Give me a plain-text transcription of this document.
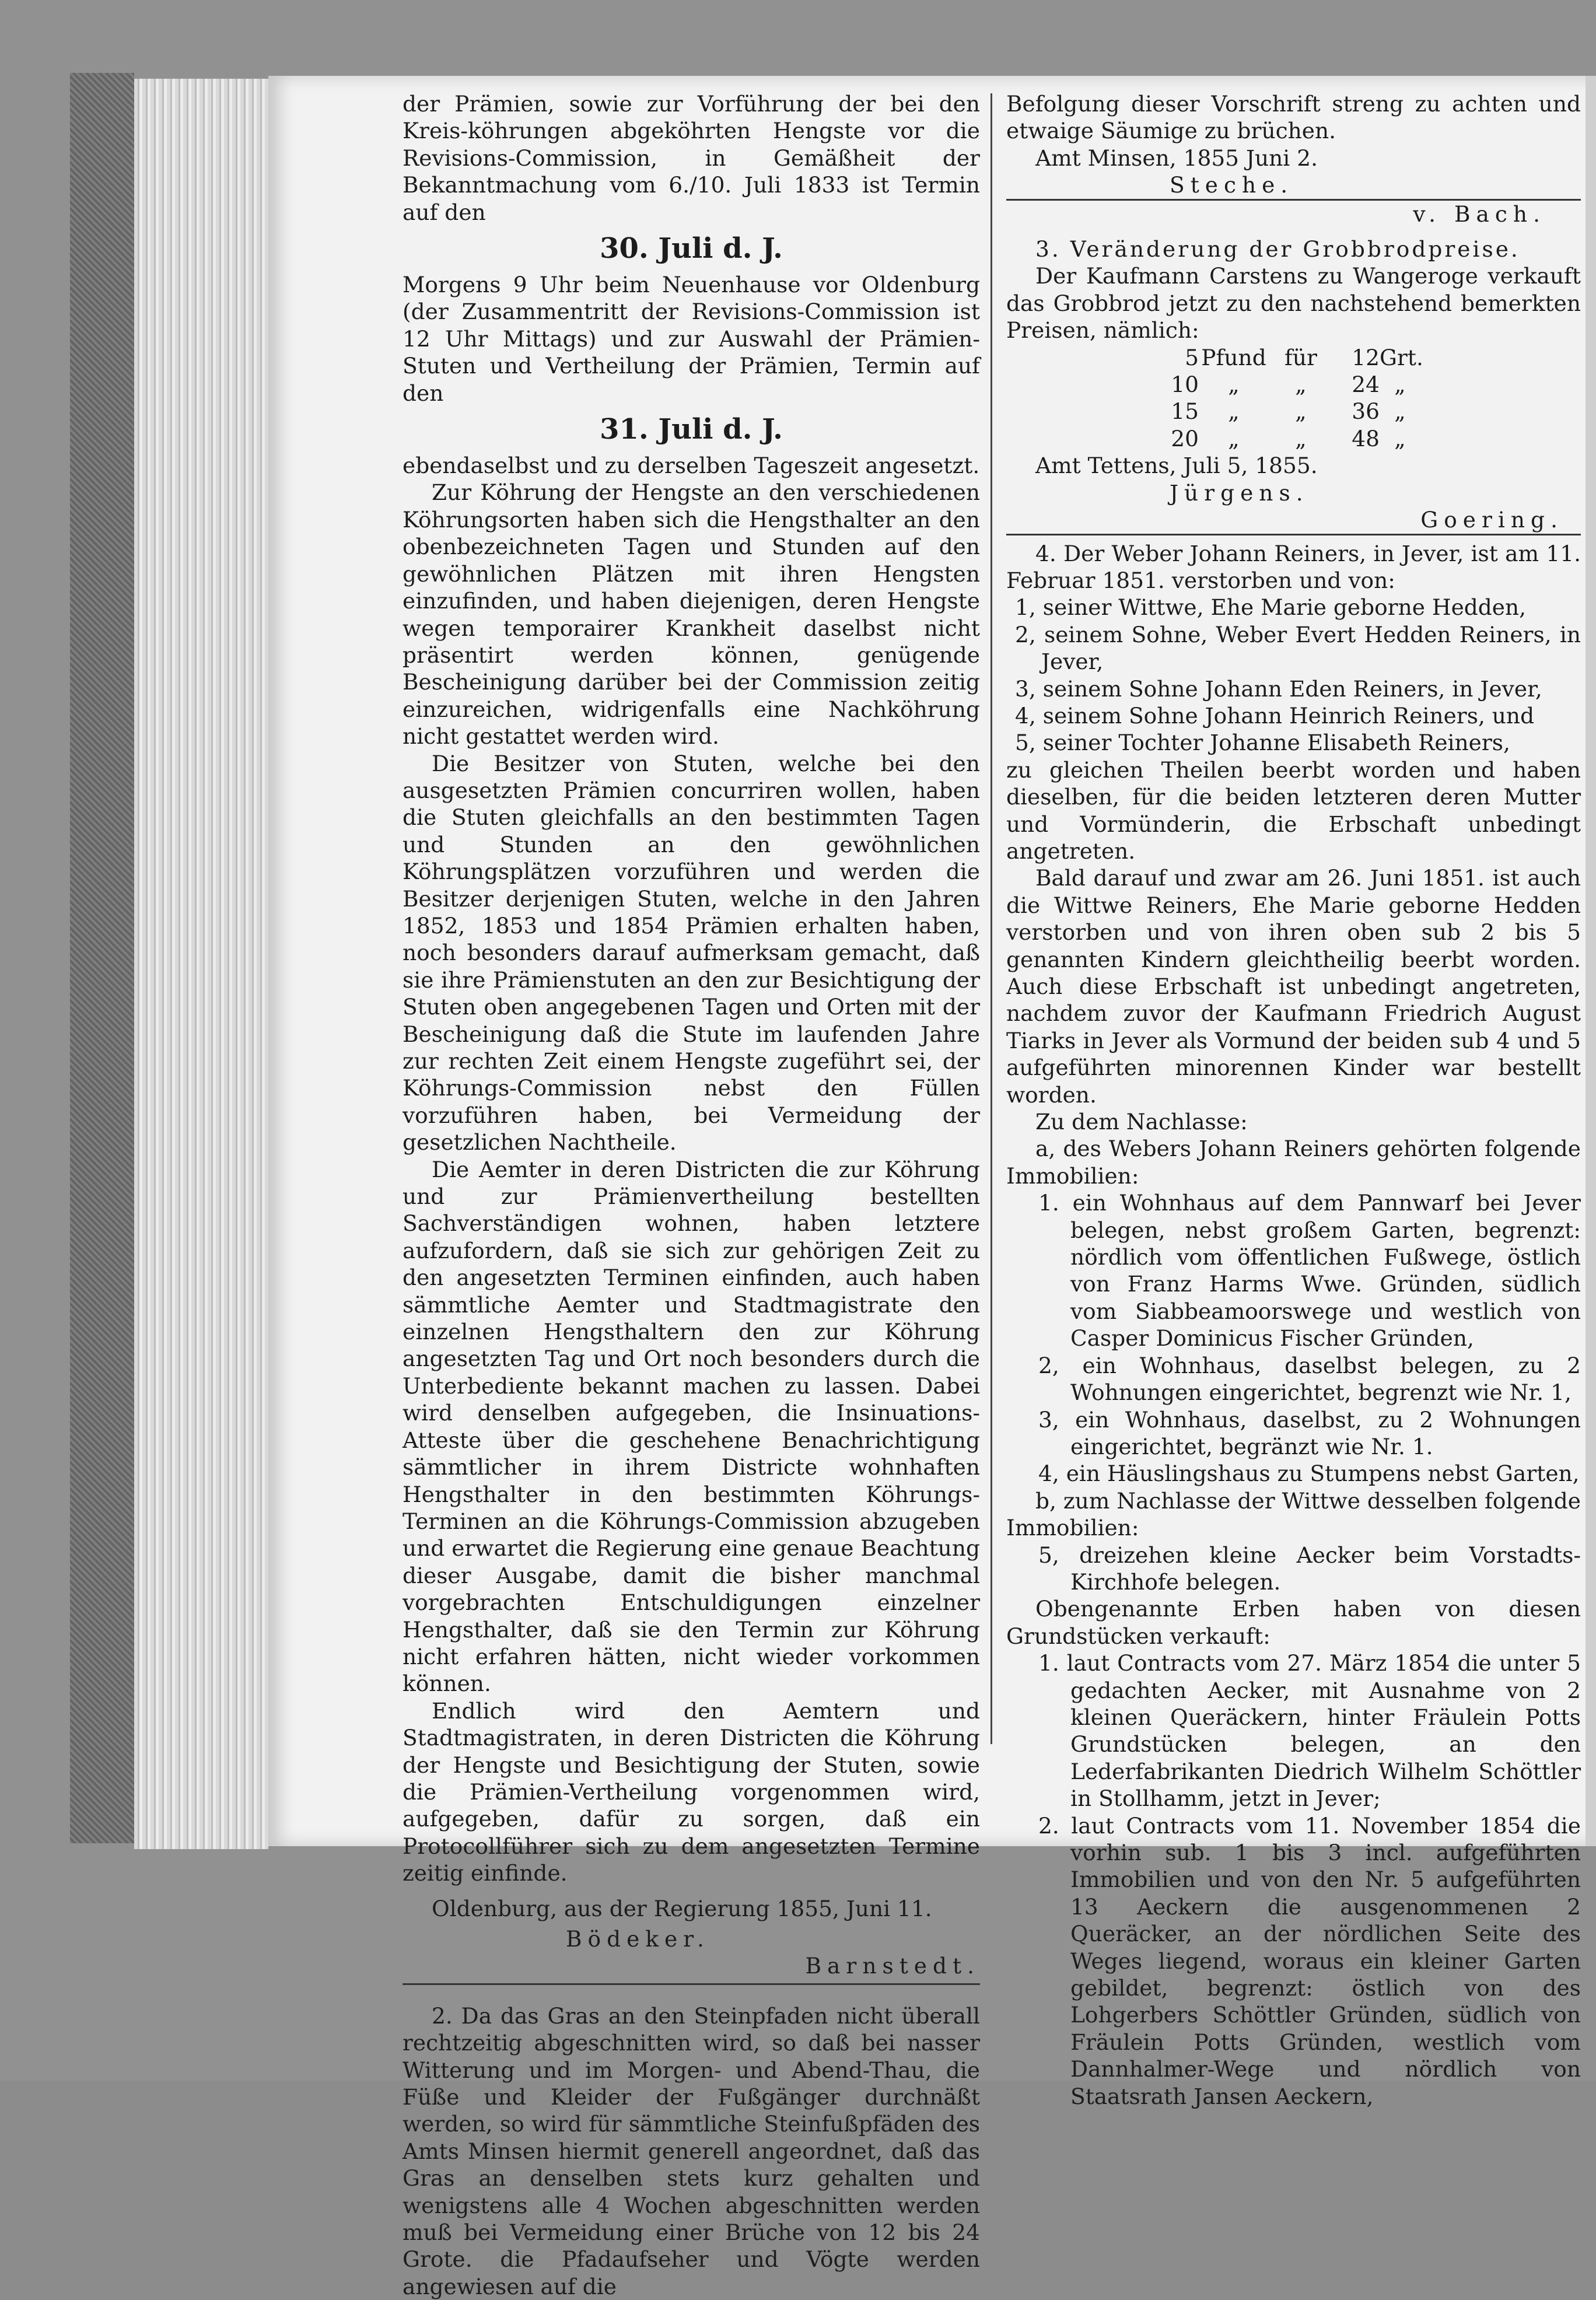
der Prämien, sowie zur Vorführung der bei den Kreis-köhrungen abgeköhrten Hengste vor die Revisions-Commission, in Gemäßheit der Bekanntmachung vom 6./10. Juli 1833 ist Termin auf den

30. Juli d. J.

Morgens 9 Uhr beim Neuenhause vor Oldenburg (der Zusammentritt der Revisions-Commission ist 12 Uhr Mittags) und zur Auswahl der Prämien-Stuten und Vertheilung der Prämien, Termin auf den

31. Juli d. J.

ebendaselbst und zu derselben Tageszeit angesetzt.

Zur Köhrung der Hengste an den verschiedenen Köhrungsorten haben sich die Hengsthalter an den obenbezeichneten Tagen und Stunden auf den gewöhnlichen Plätzen mit ihren Hengsten einzufinden, und haben diejenigen, deren Hengste wegen temporairer Krankheit daselbst nicht präsentirt werden können, genügende Bescheinigung darüber bei der Commission zeitig einzureichen, widrigenfalls eine Nachköhrung nicht gestattet werden wird.

Die Besitzer von Stuten, welche bei den ausgesetzten Prämien concurriren wollen, haben die Stuten gleichfalls an den bestimmten Tagen und Stunden an den gewöhnlichen Köhrungsplätzen vorzuführen und werden die Besitzer derjenigen Stuten, welche in den Jahren 1852, 1853 und 1854 Prämien erhalten haben, noch besonders darauf aufmerksam gemacht, daß sie ihre Prämienstuten an den zur Besichtigung der Stuten oben angegebenen Tagen und Orten mit der Bescheinigung daß die Stute im laufenden Jahre zur rechten Zeit einem Hengste zugeführt sei, der Köhrungs-Commission nebst den Füllen vorzuführen haben, bei Vermeidung der gesetzlichen Nachtheile.

Die Aemter in deren Districten die zur Köhrung und zur Prämienvertheilung bestellten Sachverständigen wohnen, haben letztere aufzufordern, daß sie sich zur gehörigen Zeit zu den angesetzten Terminen einfinden, auch haben sämmtliche Aemter und Stadtmagistrate den einzelnen Hengsthaltern den zur Köhrung angesetzten Tag und Ort noch besonders durch die Unterbediente bekannt machen zu lassen. Dabei wird denselben aufgegeben, die Insinuations-Atteste über die geschehene Benachrichtigung sämmtlicher in ihrem Districte wohnhaften Hengsthalter in den bestimmten Köhrungs-Terminen an die Köhrungs-Commission abzugeben und erwartet die Regierung eine genaue Beachtung dieser Ausgabe, damit die bisher manchmal vorgebrachten Entschuldigungen einzelner Hengsthalter, daß sie den Termin zur Köhrung nicht erfahren hätten, nicht wieder vorkommen können.

Endlich wird den Aemtern und Stadtmagistraten, in deren Districten die Köhrung der Hengste und Besichtigung der Stuten, sowie die Prämien-Vertheilung vorgenommen wird, aufgegeben, dafür zu sorgen, daß ein Protocollführer sich zu dem angesetzten Termine zeitig einfinde.

Oldenburg, aus der Regierung 1855, Juni 11.

Bödeker.

Barnstedt.

2. Da das Gras an den Steinpfaden nicht überall rechtzeitig abgeschnitten wird, so daß bei nasser Witterung und im Morgen- und Abend-Thau, die Füße und Kleider der Fußgänger durchnäßt werden, so wird für sämmtliche Steinfußpfäden des Amts Minsen hiermit generell angeordnet, daß das Gras an denselben stets kurz gehalten und wenigstens alle 4 Wochen abgeschnitten werden muß bei Vermeidung einer Brüche von 12 bis 24 Grote. die Pfadaufseher und Vögte werden angewiesen auf die

Befolgung dieser Vorschrift streng zu achten und etwaige Säumige zu brüchen.

Amt Minsen, 1855 Juni 2.

Steche.

v. Bach.

3. Veränderung der Grobbrodpreise.

Der Kaufmann Carstens zu Wangeroge verkauft das Grobbrod jetzt zu den nachstehend bemerkten Preisen, nämlich:

5 Pfund für	12 Grt.
10	„	„	24 „
15	„	„	36 „
20	„	„	48 „

Amt Tettens, Juli 5, 1855.

Jürgens.

Goering.

4. Der Weber Johann Reiners, in Jever, ist am 11. Februar 1851. verstorben und von:

1, seiner Wittwe, Ehe Marie geborne Hedden,

2, seinem Sohne, Weber Evert Hedden Reiners, in Jever,

3, seinem Sohne Johann Eden Reiners, in Jever,

4, seinem Sohne Johann Heinrich Reiners, und

5, seiner Tochter Johanne Elisabeth Reiners,

zu gleichen Theilen beerbt worden und haben dieselben, für die beiden letzteren deren Mutter und Vormünderin, die Erbschaft unbedingt angetreten.

Bald darauf und zwar am 26. Juni 1851. ist auch die Wittwe Reiners, Ehe Marie geborne Hedden verstorben und von ihren oben sub 2 bis 5 genannten Kindern gleichtheilig beerbt worden. Auch diese Erbschaft ist unbedingt angetreten, nachdem zuvor der Kaufmann Friedrich August Tiarks in Jever als Vormund der beiden sub 4 und 5 aufgeführten minorennen Kinder war bestellt worden.

Zu dem Nachlasse:

a, des Webers Johann Reiners gehörten folgende Immobilien:

1. ein Wohnhaus auf dem Pannwarf bei Jever belegen, nebst großem Garten, begrenzt: nördlich vom öffentlichen Fußwege, östlich von Franz Harms Wwe. Gründen, südlich vom Siabbeamoorswege und westlich von Casper Dominicus Fischer Gründen,

2, ein Wohnhaus, daselbst belegen, zu 2 Wohnungen eingerichtet, begrenzt wie Nr. 1,

3, ein Wohnhaus, daselbst, zu 2 Wohnungen eingerichtet, begränzt wie Nr. 1.

4, ein Häuslingshaus zu Stumpens nebst Garten,

b, zum Nachlasse der Wittwe desselben folgende Immobilien:

5, dreizehen kleine Aecker beim Vorstadts-Kirchhofe belegen.

Obengenannte Erben haben von diesen Grundstücken verkauft:

1. laut Contracts vom 27. März 1854 die unter 5 gedachten Aecker, mit Ausnahme von 2 kleinen Queräckern, hinter Fräulein Potts Grundstücken belegen, an den Lederfabrikanten Diedrich Wilhelm Schöttler in Stollhamm, jetzt in Jever;

2. laut Contracts vom 11. November 1854 die vorhin sub. 1 bis 3 incl. aufgeführten Immobilien und von den Nr. 5 aufgeführten 13 Aeckern die ausgenommenen 2 Queräcker, an der nördlichen Seite des Weges liegend, woraus ein kleiner Garten gebildet, begrenzt: östlich von des Lohgerbers Schöttler Gründen, südlich von Fräulein Potts Gründen, westlich vom Dannhalmer-Wege und nördlich von Staatsrath Jansen Aeckern,
